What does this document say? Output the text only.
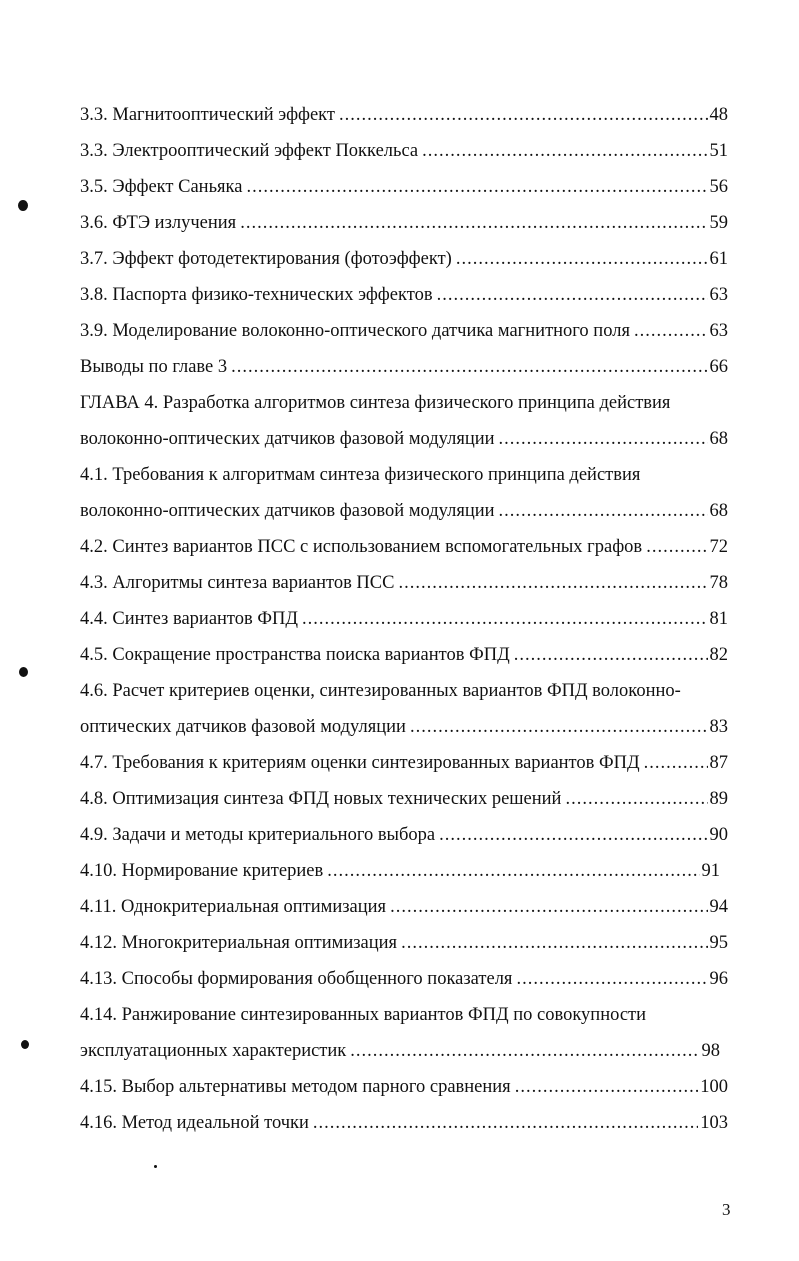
3.3. Магнитооптический эффект .....	48
3.3. Электрооптический эффект Поккельса .....	51
3.5. Эффект Саньяка .....	56
3.6. ФТЭ излучения .....	59
3.7. Эффект фотодетектирования (фотоэффект) .....	61
3.8. Паспорта физико-технических эффектов .....	63
3.9. Моделирование волоконно-оптического датчика магнитного поля .....	63
Выводы по главе 3 .....	66
ГЛАВА 4. Разработка алгоритмов синтеза физического принципа действия
волоконно-оптических датчиков фазовой модуляции .....	68
4.1. Требования к алгоритмам синтеза физического принципа действия
волоконно-оптических датчиков фазовой модуляции .....	68
4.2. Синтез вариантов ПСС с использованием вспомогательных графов .....	72
4.3. Алгоритмы синтеза вариантов ПСС .....	78
4.4. Синтез вариантов ФПД .....	81
4.5. Сокращение пространства поиска вариантов ФПД .....	82
4.6. Расчет критериев оценки, синтезированных вариантов ФПД волоконно-
оптических датчиков фазовой модуляции .....	83
4.7. Требования к критериям оценки синтезированных вариантов ФПД .....	87
4.8. Оптимизация синтеза ФПД новых технических решений .....	89
4.9. Задачи и методы критериального выбора .....	90
4.10. Нормирование критериев .....	91
4.11. Однокритериальная оптимизация .....	94
4.12. Многокритериальная оптимизация .....	95
4.13. Способы формирования обобщенного показателя .....	96
4.14. Ранжирование синтезированных вариантов ФПД по совокупности
эксплуатационных характеристик .....	98
4.15. Выбор альтернативы методом парного сравнения .....	100
4.16. Метод идеальной точки .....	103
3
